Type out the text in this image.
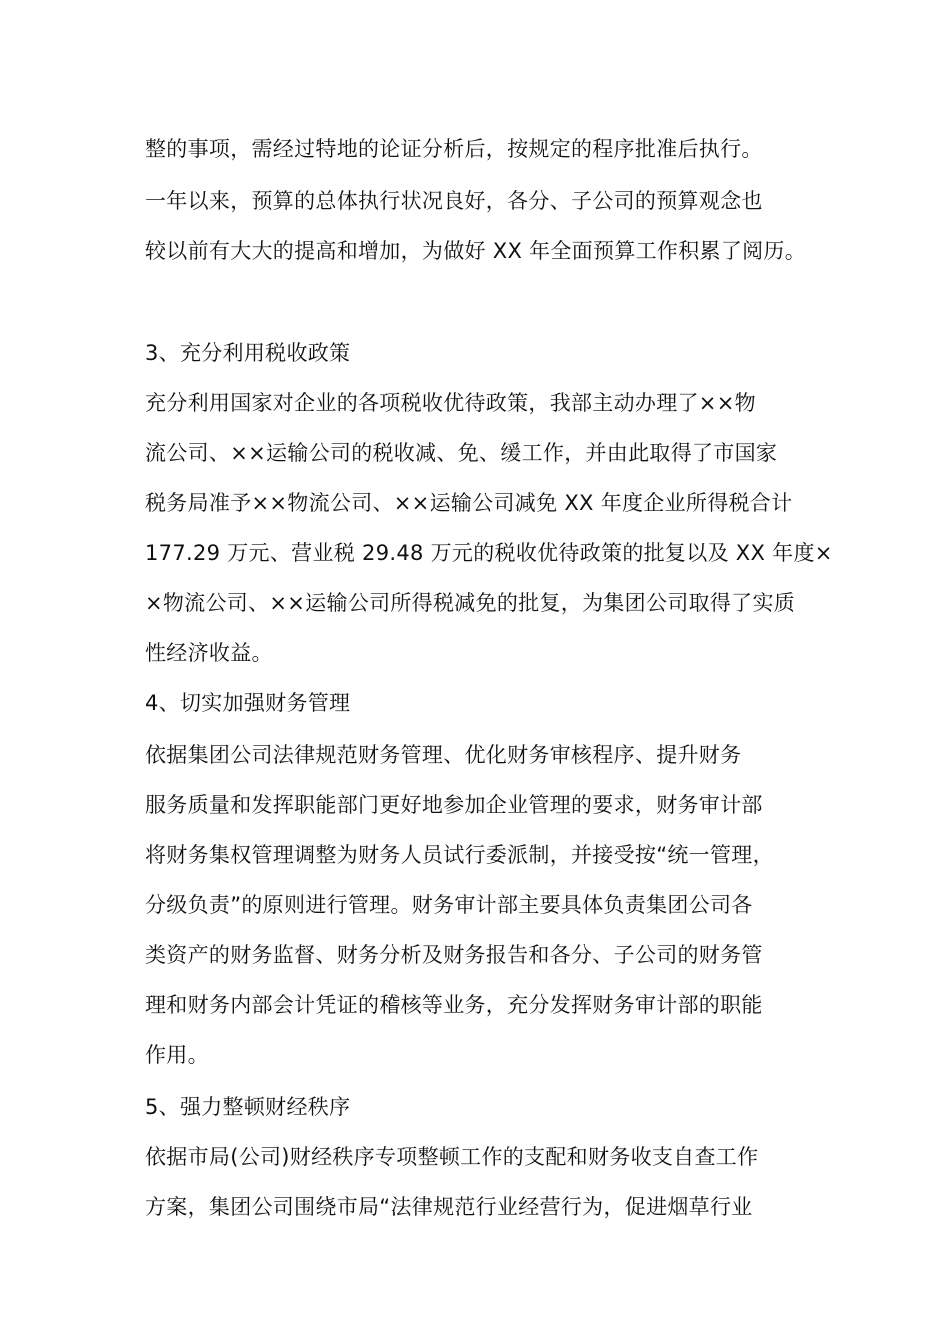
整的事项，需经过特地的论证分析后，按规定的程序批准后执行。
一年以来，预算的总体执行状况良好，各分、子公司的预算观念也
较以前有大大的提高和增加，为做好 XX 年全面预算工作积累了阅历。
3、充分利用税收政策
充分利用国家对企业的各项税收优待政策，我部主动办理了××物
流公司、××运输公司的税收减、免、缓工作，并由此取得了市国家
税务局准予××物流公司、××运输公司减免 XX 年度企业所得税合计
177.29 万元、营业税 29.48 万元的税收优待政策的批复以及 XX 年度×
×物流公司、××运输公司所得税减免的批复，为集团公司取得了实质
性经济收益。
4、切实加强财务管理
依据集团公司法律规范财务管理、优化财务审核程序、提升财务
服务质量和发挥职能部门更好地参加企业管理的要求，财务审计部
将财务集权管理调整为财务人员试行委派制，并接受按“统一管理，
分级负责”的原则进行管理。财务审计部主要具体负责集团公司各
类资产的财务监督、财务分析及财务报告和各分、子公司的财务管
理和财务内部会计凭证的稽核等业务，充分发挥财务审计部的职能
作用。
5、强力整顿财经秩序
依据市局(公司)财经秩序专项整顿工作的支配和财务收支自查工作
方案，集团公司围绕市局“法律规范行业经营行为，促进烟草行业
